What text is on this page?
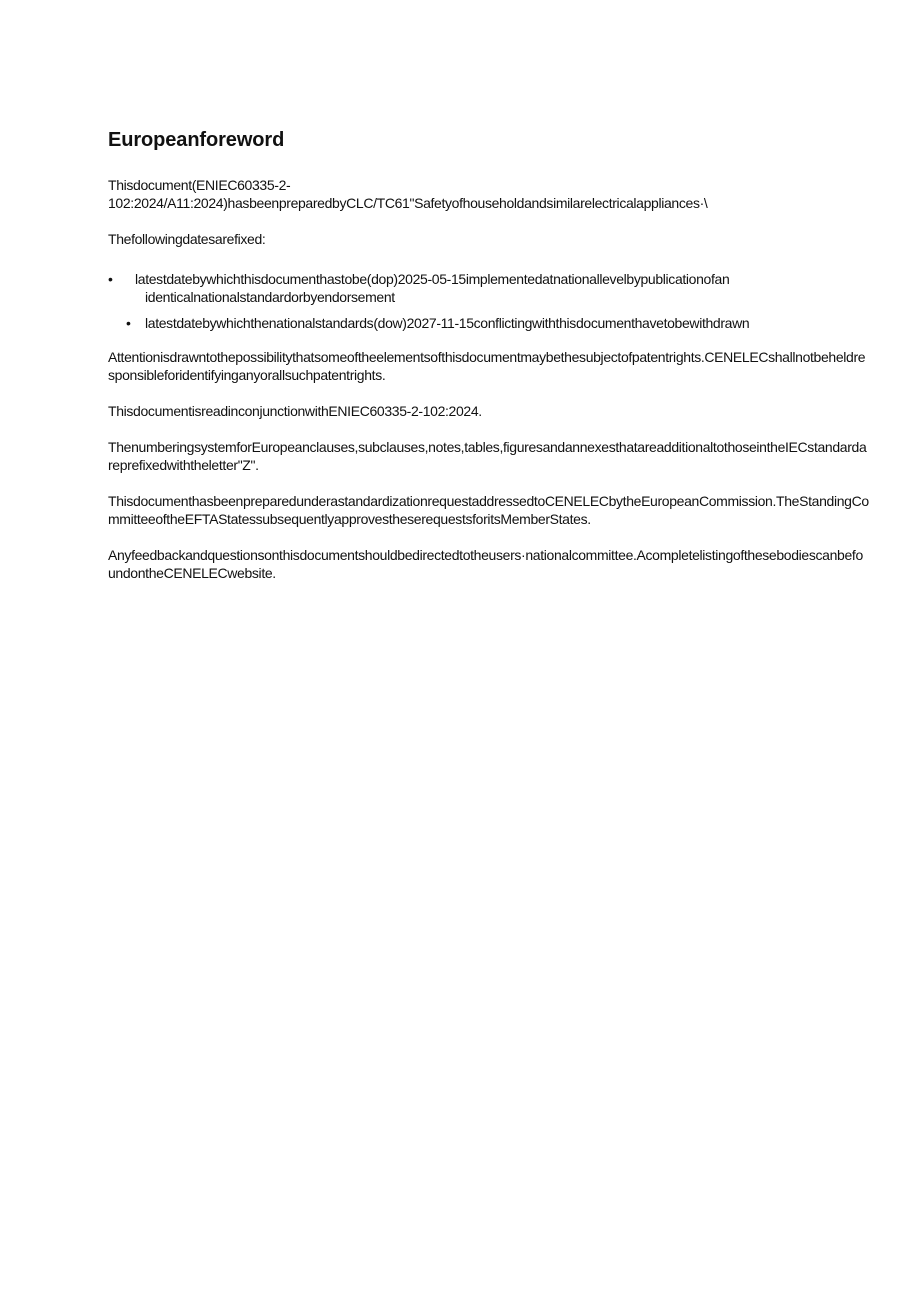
Europeanforeword

Thisdocument(ENIEC60335-2-
102:2024/A11:2024)hasbeenpreparedbyCLC/TC61"Safetyofhouseholdandsimilarelectricalappliances·\

Thefollowingdatesarefixed:

• latestdatebywhichthisdocumenthastobe(dop)2025-05-15implementedatnationallevelbypublicationofan
identicalnationalstandardorbyendorsement
• latestdatebywhichthenationalstandards(dow)2027-11-15conflictingwiththisdocumenthavetobewithdrawn

Attentionisdrawntothepossibilitythatsomeoftheelementsofthisdocumentmaybethesubjectofpatentrights.CENELECshallnotbeheldresponsibleforidentifyinganyorallsuchpatentrights.

ThisdocumentisreadinconjunctionwithENIEC60335-2-102:2024.

ThenumberingsystemforEuropeanclauses,subclauses,notes,tables,figuresandannexesthatareadditionaltothoseintheIECstandardareprefixedwiththeletter"Z".

ThisdocumenthasbeenpreparedunderastandardizationrequestaddressedtoCENELECbytheEuropeanCommission.TheStandingCommitteeoftheEFTAStatessubsequentlyapprovestheserequestsforitsMemberStates.

Anyfeedbackandquestionsonthisdocumentshouldbedirectedtotheusers·nationalcommittee.AcompletelistingofthesebodiescanbefoundontheCENELECwebsite.
